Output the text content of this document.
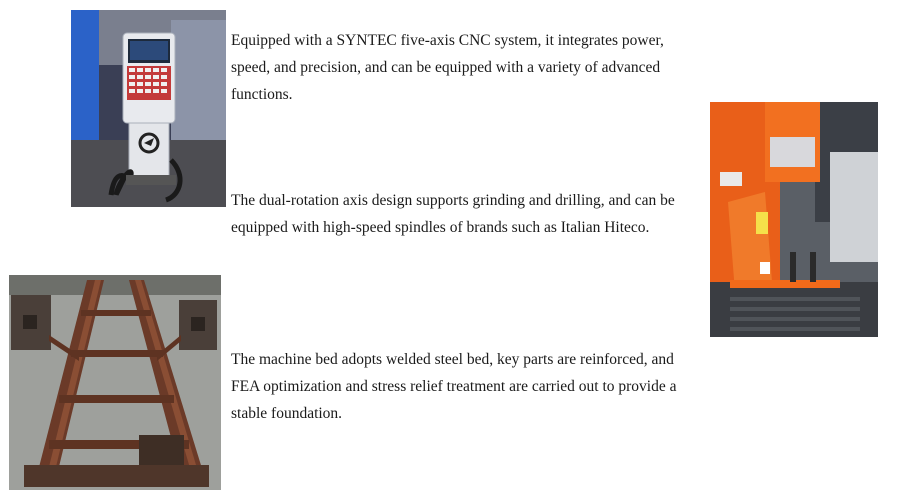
Equipped with a SYNTEC five-axis CNC system, it integrates power, speed, and precision, and can be equipped with a variety of advanced functions.

The dual-rotation axis design supports grinding and drilling, and can be equipped with high-speed spindles of brands such as Italian Hiteco.

The machine bed adopts welded steel bed, key parts are reinforced, and FEA optimization and stress relief treatment are carried out to provide a stable foundation.
